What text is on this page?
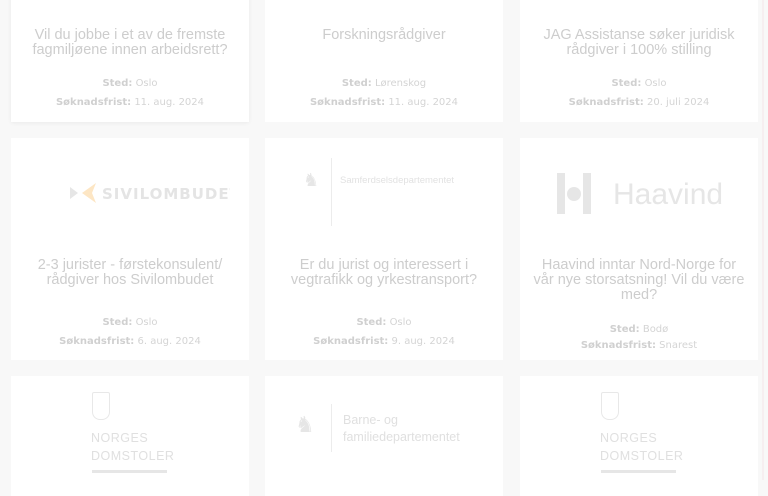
Vil du jobbe i et av de fremste fagmiljøene innen arbeidsrett?
Sted: Oslo
Søknadsfrist: 11. aug. 2024
Forskningsrådgiver
Sted: Lørenskog
Søknadsfrist: 11. aug. 2024
JAG Assistanse søker juridisk rådgiver i 100% stilling
Sted: Oslo
Søknadsfrist: 20. juli 2024
SIVILOMBUDET
2-3 jurister - førstekonsulent/ rådgiver hos Sivilombudet
Sted: Oslo
Søknadsfrist: 6. aug. 2024
♞ Samferdselsdepartementet
Er du jurist og interessert i vegtrafikk og yrkestransport?
Sted: Oslo
Søknadsfrist: 9. aug. 2024
Haavind
Haavind inntar Nord-Norge for vår nye storsatsning! Vil du være med?
Sted: Bodø
Søknadsfrist: Snarest
NORGES
DOMSTOLER
♞ Barne- og
familiedepartementet	NORGES
DOMSTOLER
